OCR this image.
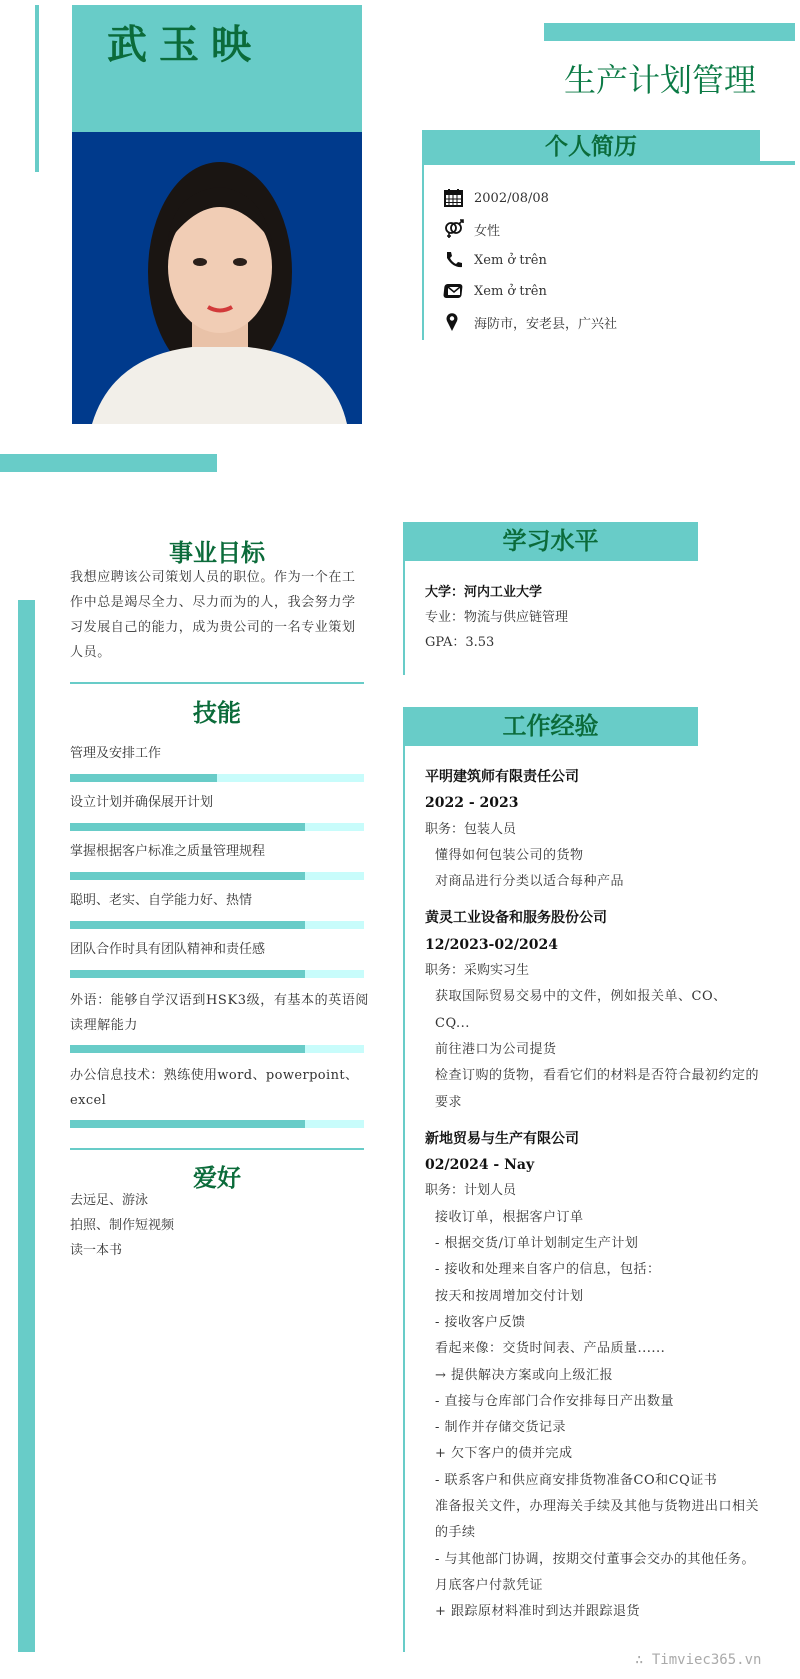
武玉映
生产计划管理
个人简历
2002/08/08
女性
Xem ở trên
Xem ở trên
海防市，安老县，广兴社
事业目标
我想应聘该公司策划人员的职位。作为一个在工作中总是竭尽全力、尽力而为的人，我会努力学习发展自己的能力，成为贵公司的一名专业策划人员。
技能
管理及安排工作
设立计划并确保展开计划
掌握根据客户标准之质量管理规程
聪明、老实、自学能力好、热情
团队合作时具有团队精神和责任感
外语：能够自学汉语到HSK3级，有基本的英语阅读理解能力
办公信息技术：熟练使用word、powerpoint、excel
爱好
去远足、游泳
拍照、制作短视频
读一本书
学习水平
大学：河内工业大学
专业：物流与供应链管理
GPA：3.53
工作经验
平明建筑师有限责任公司
2022 - 2023
职务：包装人员
懂得如何包装公司的货物
对商品进行分类以适合每种产品
黄灵工业设备和服务股份公司
12/2023-02/2024
职务：采购实习生
获取国际贸易交易中的文件，例如报关单、CO、CQ...
前往港口为公司提货
检查订购的货物，看看它们的材料是否符合最初约定的要求
新地贸易与生产有限公司
02/2024 - Nay
职务：计划人员
接收订单，根据客户订单
- 根据交货/订单计划制定生产计划
- 接收和处理来自客户的信息，包括：
按天和按周增加交付计划
- 接收客户反馈
看起来像：交货时间表、产品质量......
→ 提供解决方案或向上级汇报
- 直接与仓库部门合作安排每日产出数量
- 制作并存储交货记录
+ 欠下客户的债并完成
- 联系客户和供应商安排货物准备CO和CQ证书
准备报关文件，办理海关手续及其他与货物进出口相关的手续
- 与其他部门协调，按期交付董事会交办的其他任务。
月底客户付款凭证
+ 跟踪原材料准时到达并跟踪退货
∴ Timviec365.vn
